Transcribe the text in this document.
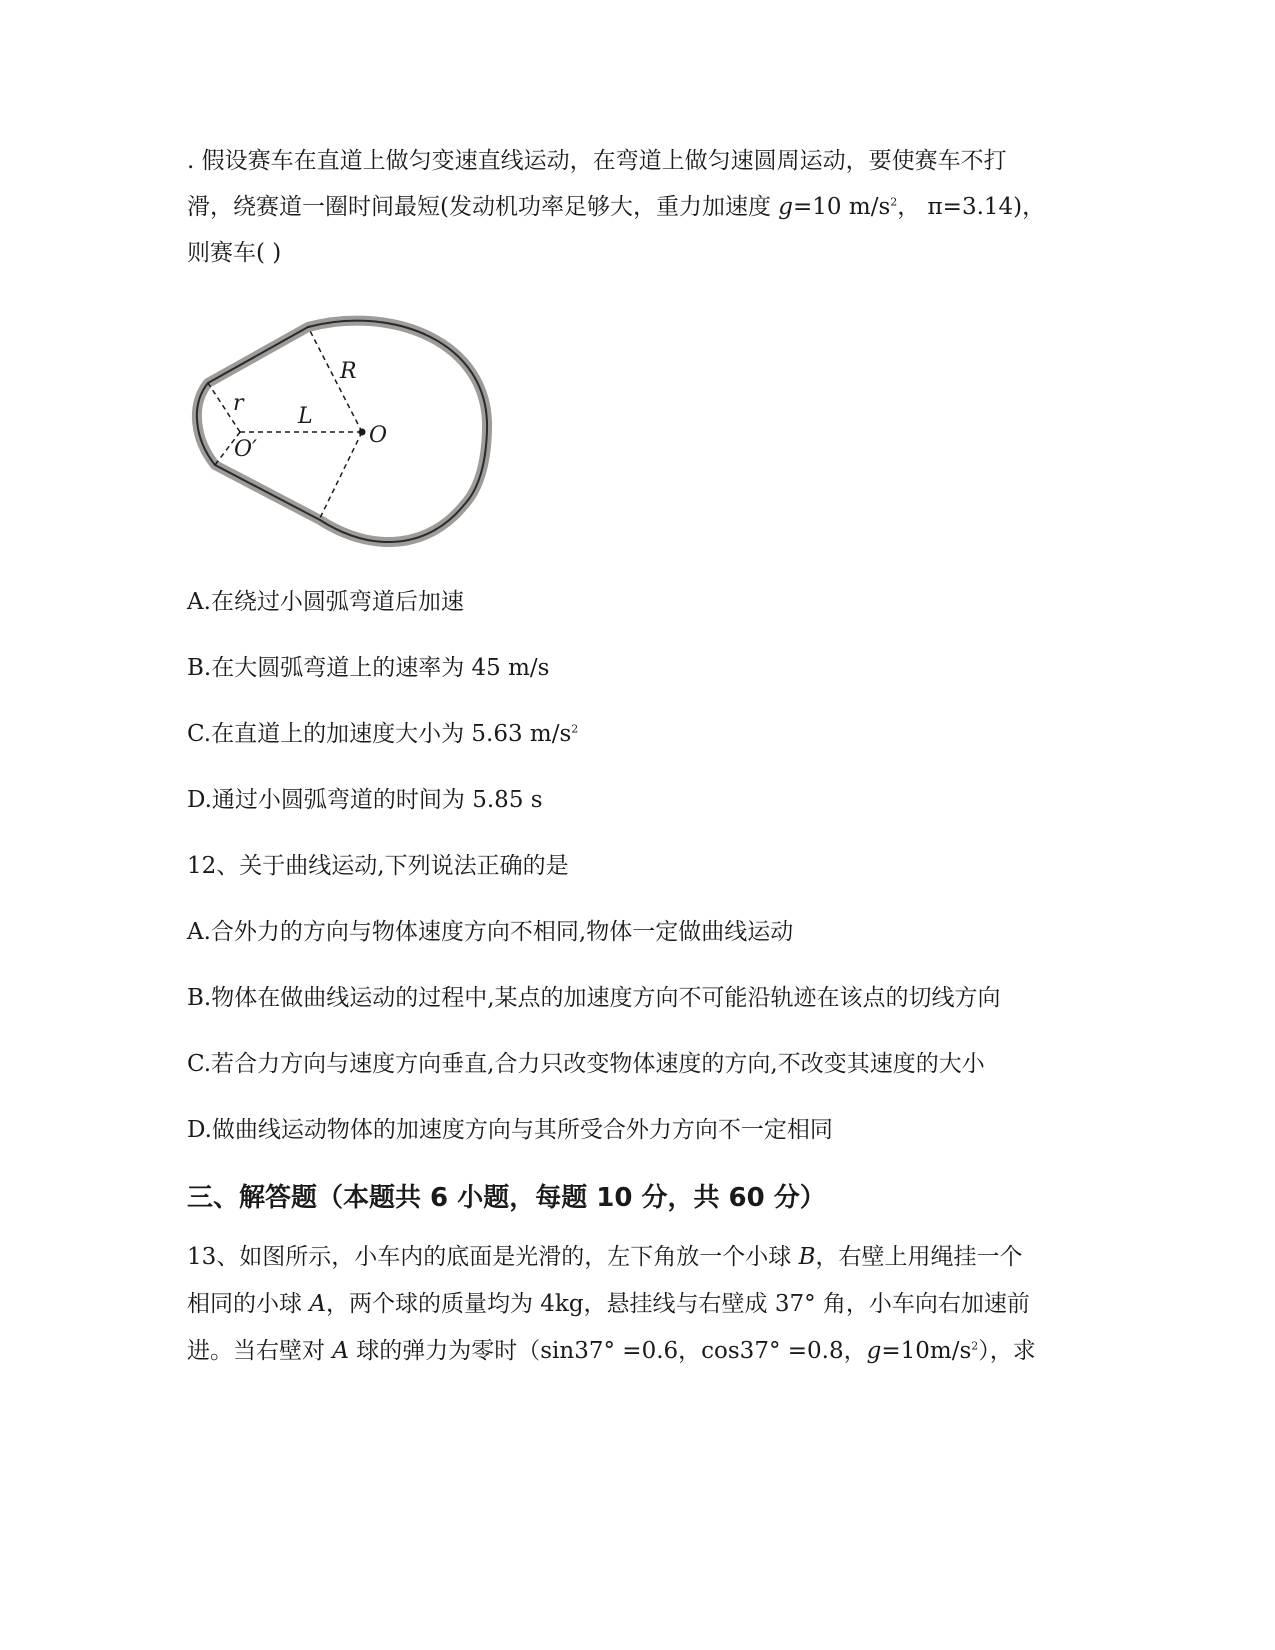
. 假设赛车在直道上做匀变速直线运动，在弯道上做匀速圆周运动，要使赛车不打
滑，绕赛道一圈时间最短(发动机功率足够大，重力加速度 g=10 $m/s^2$， π=3.14)，
则赛车( )
R
r
L
O
O′
A.在绕过小圆弧弯道后加速
B.在大圆弧弯道上的速率为 45 m/s
C.在直道上的加速度大小为 5.63 $m/s^2$
D.通过小圆弧弯道的时间为 5.85 s
12、关于曲线运动,下列说法正确的是
A.合外力的方向与物体速度方向不相同,物体一定做曲线运动
B.物体在做曲线运动的过程中,某点的加速度方向不可能沿轨迹在该点的切线方向
C.若合力方向与速度方向垂直,合力只改变物体速度的方向,不改变其速度的大小
D.做曲线运动物体的加速度方向与其所受合外力方向不一定相同
三、解答题（本题共 6 小题，每题 10 分，共 60 分）
13、如图所示，小车内的底面是光滑的，左下角放一个小球 B，右壁上用绳挂一个
相同的小球 A，两个球的质量均为 4kg，悬挂线与右壁成 37° 角，小车向右加速前
进。当右壁对 A 球的弹力为零时（sin37° =0.6，cos37° =0.8，$g=10m/s^2$），求
